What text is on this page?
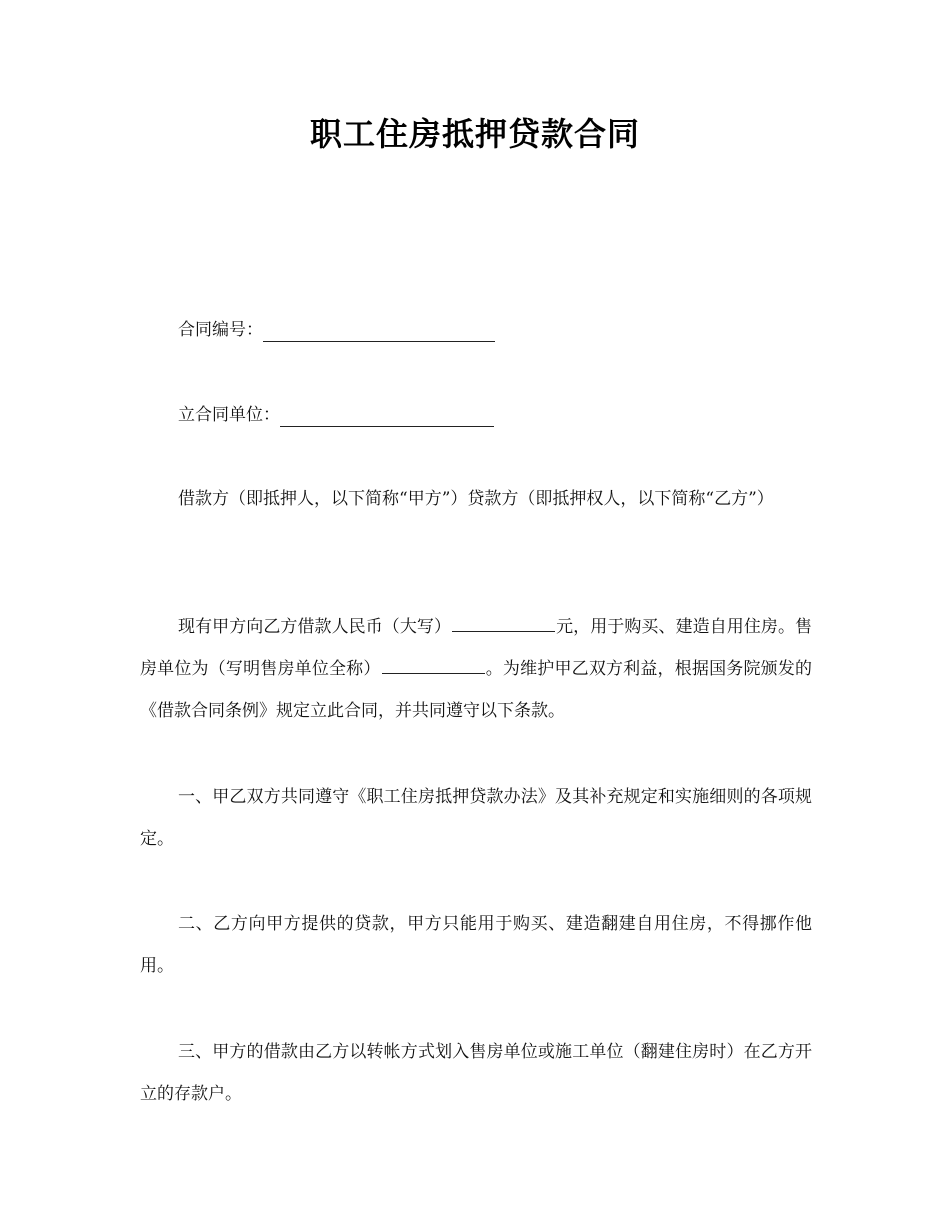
职工住房抵押贷款合同
合同编号：
立合同单位：

借款方（即抵押人，以下简称“甲方”）贷款方（即抵押权人，以下简称“乙方”）

现有甲方向乙方借款人民币（大写）	元，用于购买、建造自用住房。售房单位为（写明售房单位全称）	。为维护甲乙双方利益，根据国务院颁发的《借款合同条例》规定立此合同，并共同遵守以下条款。

一、甲乙双方共同遵守《职工住房抵押贷款办法》及其补充规定和实施细则的各项规定。

二、乙方向甲方提供的贷款，甲方只能用于购买、建造翻建自用住房，不得挪作他用。

三、甲方的借款由乙方以转帐方式划入售房单位或施工单位（翻建住房时）在乙方开立的存款户。
